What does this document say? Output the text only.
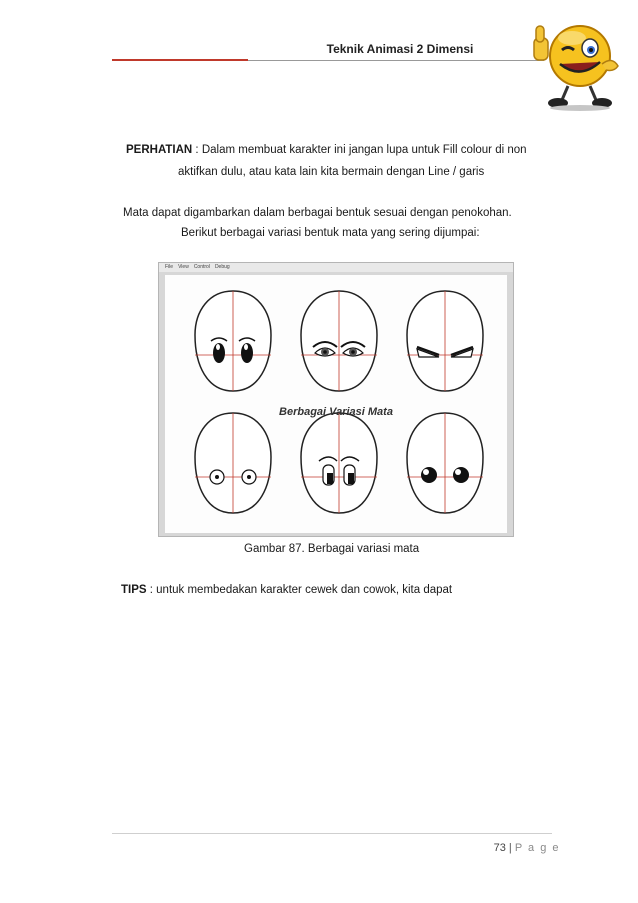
Teknik Animasi 2 Dimensi
PERHATIAN : Dalam membuat karakter ini jangan lupa untuk Fill colour di non
aktifkan dulu, atau kata lain kita bermain dengan Line / garis
Mata dapat digambarkan dalam berbagai bentuk sesuai dengan penokohan.
Berikut berbagai variasi bentuk mata yang sering dijumpai:
File View Control Debug
Berbagai Variasi Mata
Gambar 87. Berbagai variasi mata
TIPS : untuk membedakan karakter cewek dan cowok, kita dapat
73 | P a g e
